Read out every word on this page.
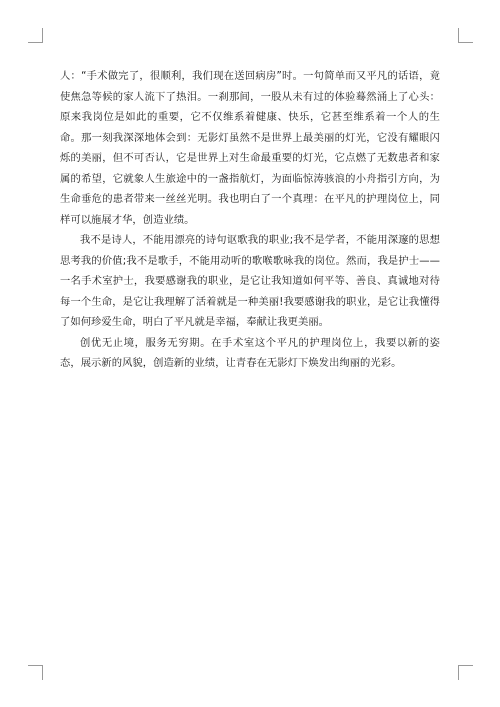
人：“手术做完了，很顺利，我们现在送回病房”时。一句简单而又平凡的话语，竟使焦急等候的家人流下了热泪。一刹那间，一股从未有过的体验蓦然涌上了心头：原来我岗位是如此的重要，它不仅维系着健康、快乐，它甚至维系着一个人的生命。那一刻我深深地体会到：无影灯虽然不是世界上最美丽的灯光，它没有耀眼闪烁的美丽，但不可否认，它是世界上对生命最重要的灯光，它点燃了无数患者和家属的希望，它就象人生旅途中的一盏指航灯，为面临惊涛骇浪的小舟指引方向，为生命垂危的患者带来一丝丝光明。我也明白了一个真理：在平凡的护理岗位上，同样可以施展才华，创造业绩。

我不是诗人，不能用漂亮的诗句讴歌我的职业;我不是学者，不能用深邃的思想思考我的价值;我不是歌手，不能用动听的歌喉歌咏我的岗位。然而，我是护士——一名手术室护士，我要感谢我的职业，是它让我知道如何平等、善良、真诚地对待每一个生命，是它让我理解了活着就是一种美丽!我要感谢我的职业，是它让我懂得了如何珍爱生命，明白了平凡就是幸福，奉献让我更美丽。

创优无止境，服务无穷期。在手术室这个平凡的护理岗位上，我要以新的姿态，展示新的风貌，创造新的业绩，让青春在无影灯下焕发出绚丽的光彩。
